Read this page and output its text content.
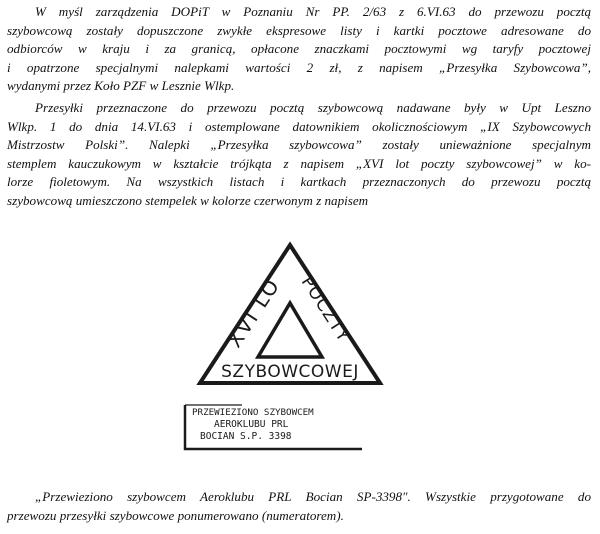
W myśl zarządzenia DOPiT w Poznaniu Nr PP. 2/63 z 6.VI.63 do przewozu pocztą
szybowcową zostały dopuszczone zwykłe ekspresowe listy i kartki pocztowe adresowane do
odbiorców w kraju i za granicą, opłacone znaczkami pocztowymi wg taryfy pocztowej
i opatrzone specjalnymi nalepkami wartości 2 zł, z napisem „Przesyłka Szybowcowa”,
wydanymi przez Koło PZF w Lesznie Wlkp.
Przesyłki przeznaczone do przewozu pocztą szybowcową nadawane były w Upt Leszno
Wlkp. 1 do dnia 14.VI.63 i ostemplowane datownikiem okolicznościowym „IX Szybowcowych
Mistrzostw Polski”. Nalepki „Przesyłka szybowcowa” zostały unieważnione specjalnym
stemplem kauczukowym w kształcie trójkąta z napisem „XVI lot poczty szybowcowej” w ko-
lorze fioletowym. Na wszystkich listach i kartkach przeznaczonych do przewozu pocztą
szybowcową umieszczono stempelek w kolorze czerwonym z napisem
XVI LO POCZTY
SZYBOWCOWEJ
PRZEWIEZIONO SZYBOWCEM
AEROKLUBU PRL
BOCIAN S.P. 3398
„Przewieziono szybowcem Aeroklubu PRL Bocian SP-3398". Wszystkie przygotowane do
przewozu przesyłki szybowcowe ponumerowano (numeratorem).
